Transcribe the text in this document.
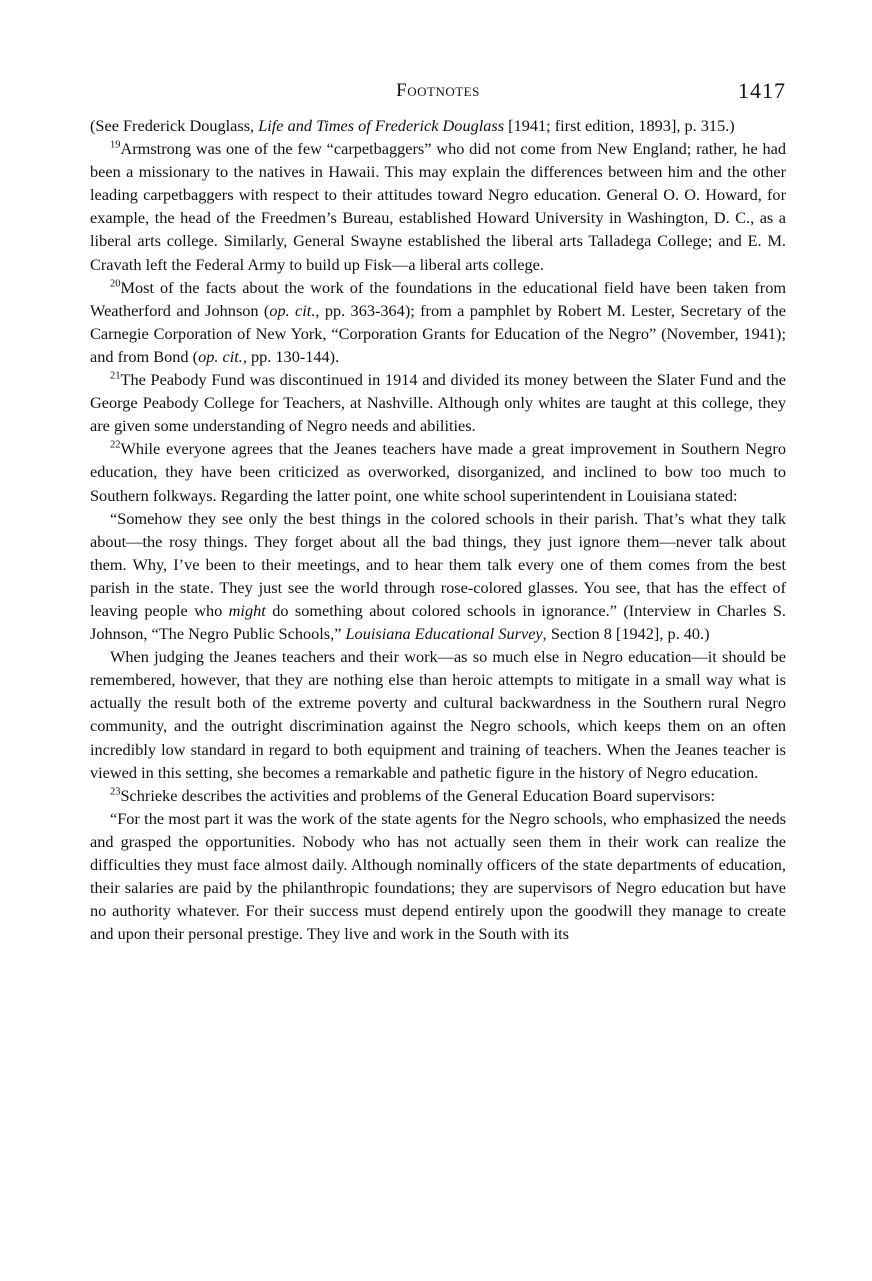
Footnotes	1417

(See Frederick Douglass, Life and Times of Frederick Douglass [1941; first edition, 1893], p. 315.)

$^{19}$Armstrong was one of the few “carpetbaggers” who did not come from New England; rather, he had been a missionary to the natives in Hawaii. This may explain the differences between him and the other leading carpetbaggers with respect to their attitudes toward Negro education. General O. O. Howard, for example, the head of the Freedmen’s Bureau, established Howard University in Washington, D. C., as a liberal arts college. Similarly, General Swayne established the liberal arts Talladega College; and E. M. Cravath left the Federal Army to build up Fisk—a liberal arts college.

$^{20}$Most of the facts about the work of the foundations in the educational field have been taken from Weatherford and Johnson (op. cit., pp. 363-364); from a pamphlet by Robert M. Lester, Secretary of the Carnegie Corporation of New York, “Corporation Grants for Education of the Negro” (November, 1941); and from Bond (op. cit., pp. 130-144).

$^{21}$The Peabody Fund was discontinued in 1914 and divided its money between the Slater Fund and the George Peabody College for Teachers, at Nashville. Although only whites are taught at this college, they are given some understanding of Negro needs and abilities.

$^{22}$While everyone agrees that the Jeanes teachers have made a great improvement in Southern Negro education, they have been criticized as overworked, disorganized, and inclined to bow too much to Southern folkways. Regarding the latter point, one white school superintendent in Louisiana stated:

“Somehow they see only the best things in the colored schools in their parish. That’s what they talk about—the rosy things. They forget about all the bad things, they just ignore them—never talk about them. Why, I’ve been to their meetings, and to hear them talk every one of them comes from the best parish in the state. They just see the world through rose-colored glasses. You see, that has the effect of leaving people who might do something about colored schools in ignorance.” (Interview in Charles S. Johnson, “The Negro Public Schools,” Louisiana Educational Survey, Section 8 [1942], p. 40.)

When judging the Jeanes teachers and their work—as so much else in Negro education—it should be remembered, however, that they are nothing else than heroic attempts to mitigate in a small way what is actually the result both of the extreme poverty and cultural backwardness in the Southern rural Negro community, and the outright discrimination against the Negro schools, which keeps them on an often incredibly low standard in regard to both equipment and training of teachers. When the Jeanes teacher is viewed in this setting, she becomes a remarkable and pathetic figure in the history of Negro education.

$^{23}$Schrieke describes the activities and problems of the General Education Board supervisors:

“For the most part it was the work of the state agents for the Negro schools, who emphasized the needs and grasped the opportunities. Nobody who has not actually seen them in their work can realize the difficulties they must face almost daily. Although nominally officers of the state departments of education, their salaries are paid by the philanthropic foundations; they are supervisors of Negro education but have no authority whatever. For their success must depend entirely upon the goodwill they manage to create and upon their personal prestige. They live and work in the South with its
